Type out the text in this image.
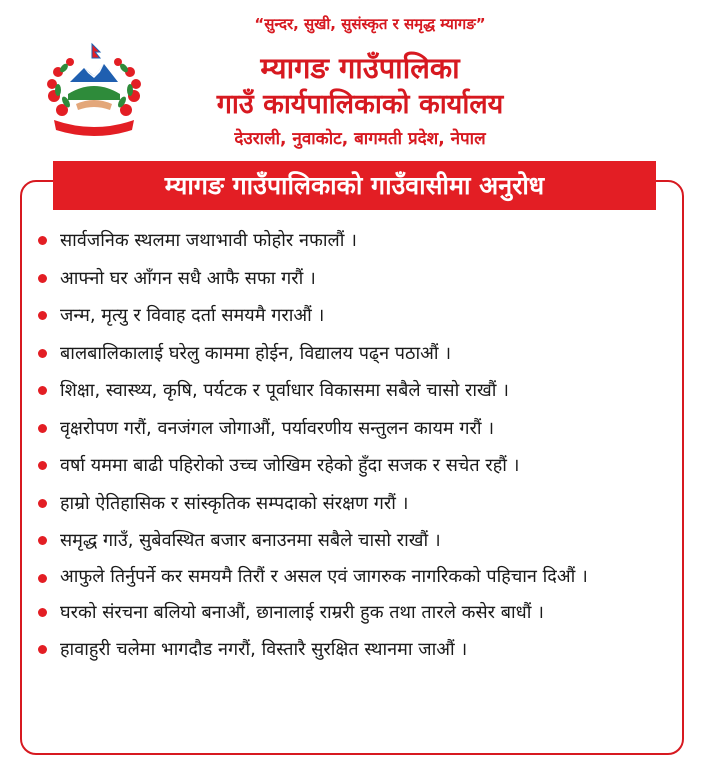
“सुन्दर, सुखी, सुसंस्कृत र समृद्ध म्यागङ”
म्यागङ गाउँपालिका
गाउँ कार्यपालिकाको कार्यालय
देउराली, नुवाकोट, बागमती प्रदेश, नेपाल
म्यागङ गाउँपालिकाको गाउँवासीमा अनुरोध
सार्वजनिक स्थलमा जथाभावी फोहोर नफालौं ।
आफ्नो घर आँगन सधै आफै सफा गरौं ।
जन्म, मृत्यु र विवाह दर्ता समयमै गराऔं ।
बालबालिकालाई घरेलु काममा होईन, विद्यालय पढ्न पठाऔं ।
शिक्षा, स्वास्थ्य, कृषि, पर्यटक र पूर्वाधार विकासमा सबैले चासो राखौं ।
वृक्षरोपण गरौं, वनजंगल जोगाऔं, पर्यावरणीय सन्तुलन कायम गरौं ।
वर्षा यममा बाढी पहिरोको उच्च जोखिम रहेको हुँदा सजक र सचेत रहौं ।
हाम्रो ऐतिहासिक र सांस्कृतिक सम्पदाको संरक्षण गरौं ।
समृद्ध गाउँ, सुबेवस्थित बजार बनाउनमा सबैले चासो राखौं ।
आफुले तिर्नुपर्ने कर समयमै तिरौं र असल एवं जागरुक नागरिकको पहिचान दिऔं ।
घरको संरचना बलियो बनाऔं, छानालाई राम्ररी हुक तथा तारले कसेर बाधौं ।
हावाहुरी चलेमा भागदौड नगरौं, विस्तारै सुरक्षित स्थानमा जाऔं ।
